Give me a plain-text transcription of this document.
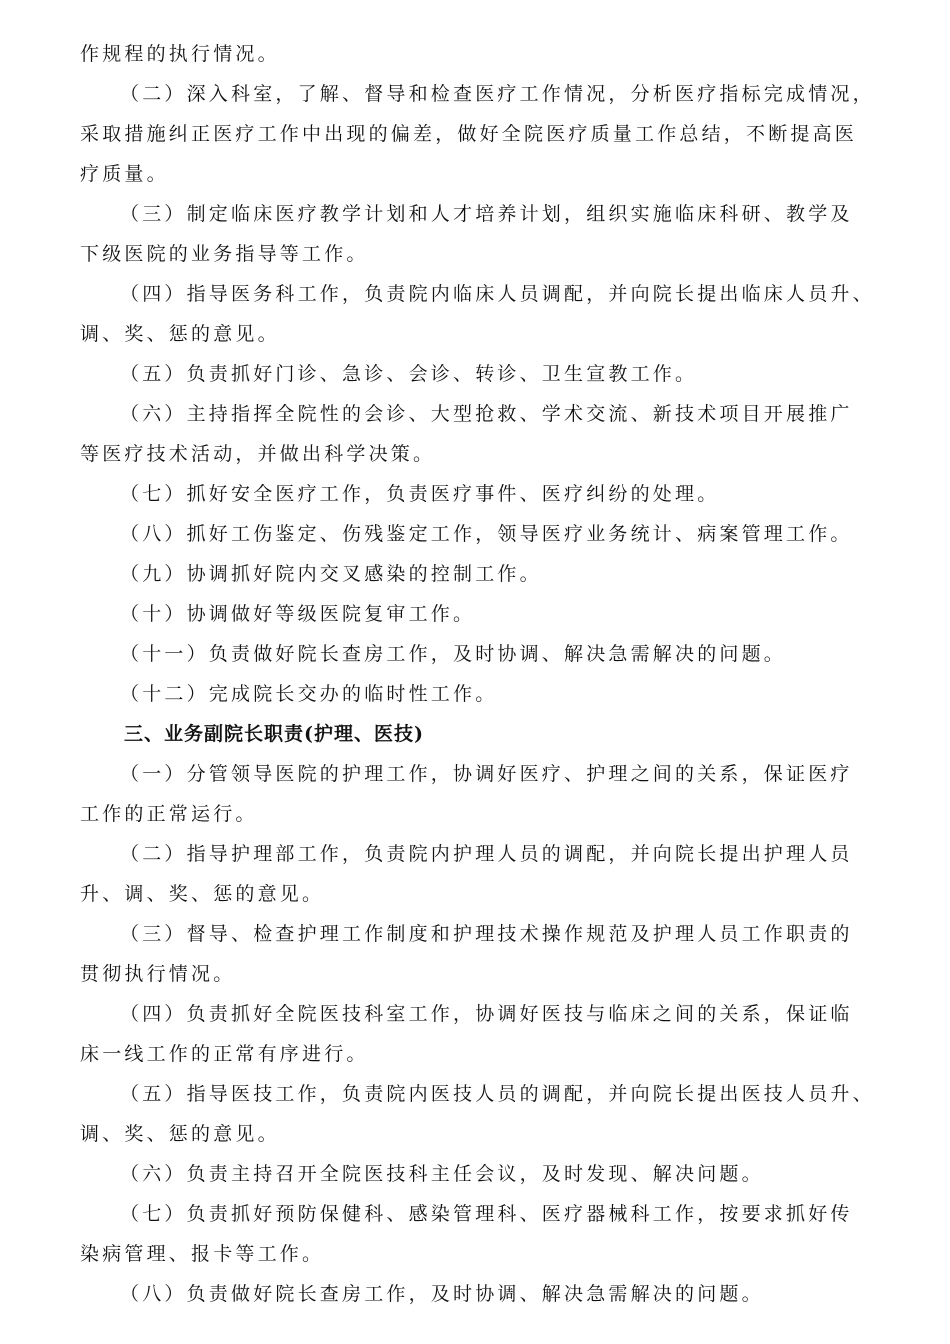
作规程的执行情况。
（二）深入科室，了解、督导和检查医疗工作情况，分析医疗指标完成情况，
采取措施纠正医疗工作中出现的偏差，做好全院医疗质量工作总结，不断提高医
疗质量。
（三）制定临床医疗教学计划和人才培养计划，组织实施临床科研、教学及
下级医院的业务指导等工作。
（四）指导医务科工作，负责院内临床人员调配，并向院长提出临床人员升、
调、奖、惩的意见。
（五）负责抓好门诊、急诊、会诊、转诊、卫生宣教工作。
（六）主持指挥全院性的会诊、大型抢救、学术交流、新技术项目开展推广
等医疗技术活动，并做出科学决策。
（七）抓好安全医疗工作，负责医疗事件、医疗纠纷的处理。
（八）抓好工伤鉴定、伤残鉴定工作，领导医疗业务统计、病案管理工作。
（九）协调抓好院内交叉感染的控制工作。
（十）协调做好等级医院复审工作。
（十一）负责做好院长查房工作，及时协调、解决急需解决的问题。
（十二）完成院长交办的临时性工作。
三、业务副院长职责(护理、医技)
（一）分管领导医院的护理工作，协调好医疗、护理之间的关系，保证医疗
工作的正常运行。
（二）指导护理部工作，负责院内护理人员的调配，并向院长提出护理人员
升、调、奖、惩的意见。
（三）督导、检查护理工作制度和护理技术操作规范及护理人员工作职责的
贯彻执行情况。
（四）负责抓好全院医技科室工作，协调好医技与临床之间的关系，保证临
床一线工作的正常有序进行。
（五）指导医技工作，负责院内医技人员的调配，并向院长提出医技人员升、
调、奖、惩的意见。
（六）负责主持召开全院医技科主任会议，及时发现、解决问题。
（七）负责抓好预防保健科、感染管理科、医疗器械科工作，按要求抓好传
染病管理、报卡等工作。
（八）负责做好院长查房工作，及时协调、解决急需解决的问题。
